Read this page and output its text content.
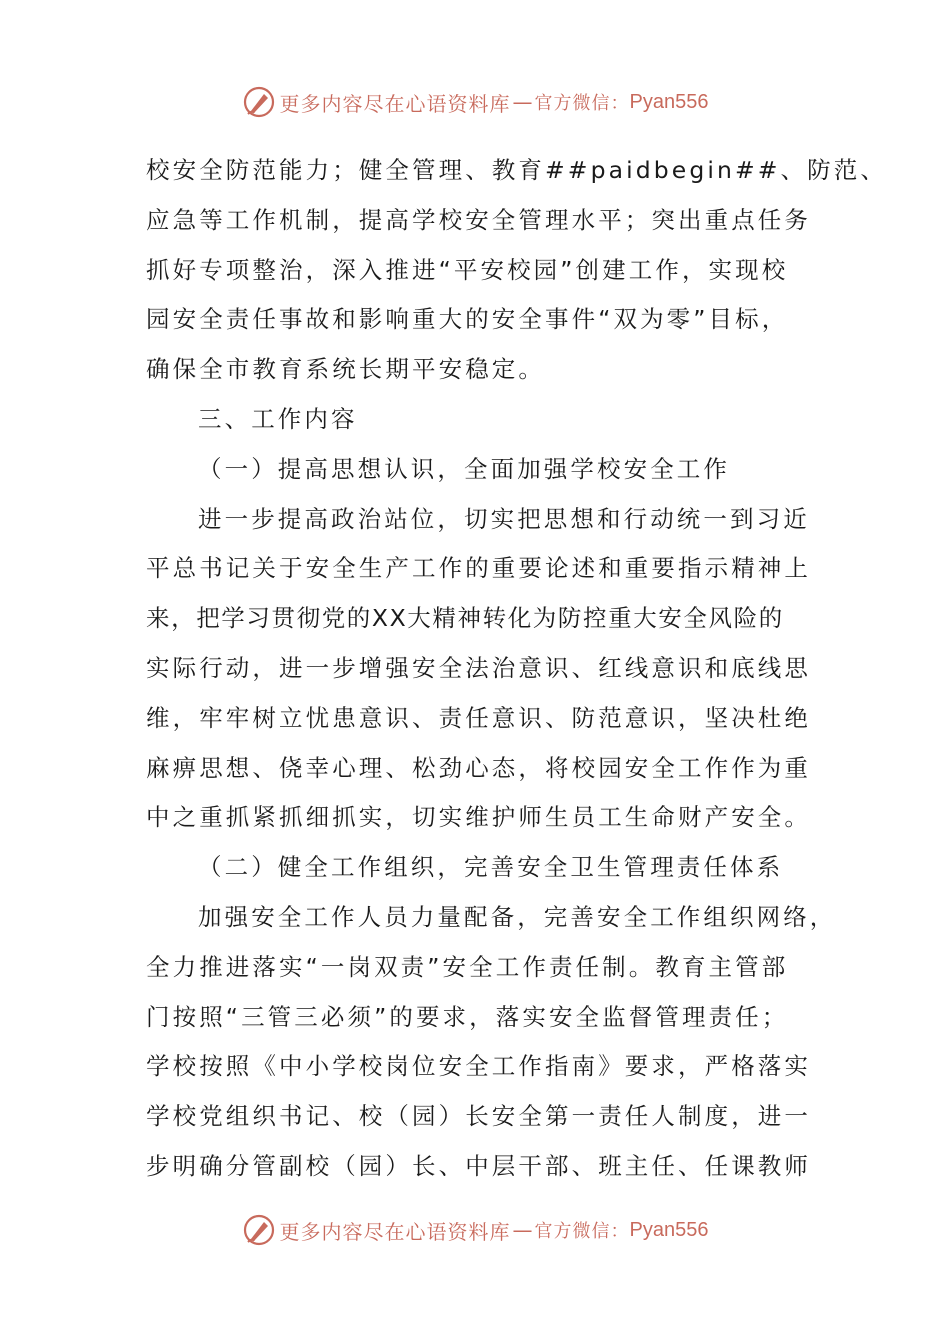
更多内容尽在心语资料库 — 官方微信： Pyan556
校安全防范能力；健全管理、教育##paidbegin##、防范、
应急等工作机制，提高学校安全管理水平；突出重点任务
抓好专项整治，深入推进“平安校园”创建工作，实现校
园安全责任事故和影响重大的安全事件“双为零”目标，
确保全市教育系统长期平安稳定。
三、工作内容
（一）提高思想认识，全面加强学校安全工作
进一步提高政治站位，切实把思想和行动统一到习近
平总书记关于安全生产工作的重要论述和重要指示精神上
来，把学习贯彻党的XX大精神转化为防控重大安全风险的
实际行动，进一步增强安全法治意识、红线意识和底线思
维，牢牢树立忧患意识、责任意识、防范意识，坚决杜绝
麻痹思想、侥幸心理、松劲心态，将校园安全工作作为重
中之重抓紧抓细抓实，切实维护师生员工生命财产安全。
（二）健全工作组织，完善安全卫生管理责任体系
加强安全工作人员力量配备，完善安全工作组织网络，
全力推进落实“一岗双责”安全工作责任制。教育主管部
门按照“三管三必须”的要求，落实安全监督管理责任；
学校按照《中小学校岗位安全工作指南》要求，严格落实
学校党组织书记、校（园）长安全第一责任人制度，进一
步明确分管副校（园）长、中层干部、班主任、任课教师
更多内容尽在心语资料库 — 官方微信： Pyan556
